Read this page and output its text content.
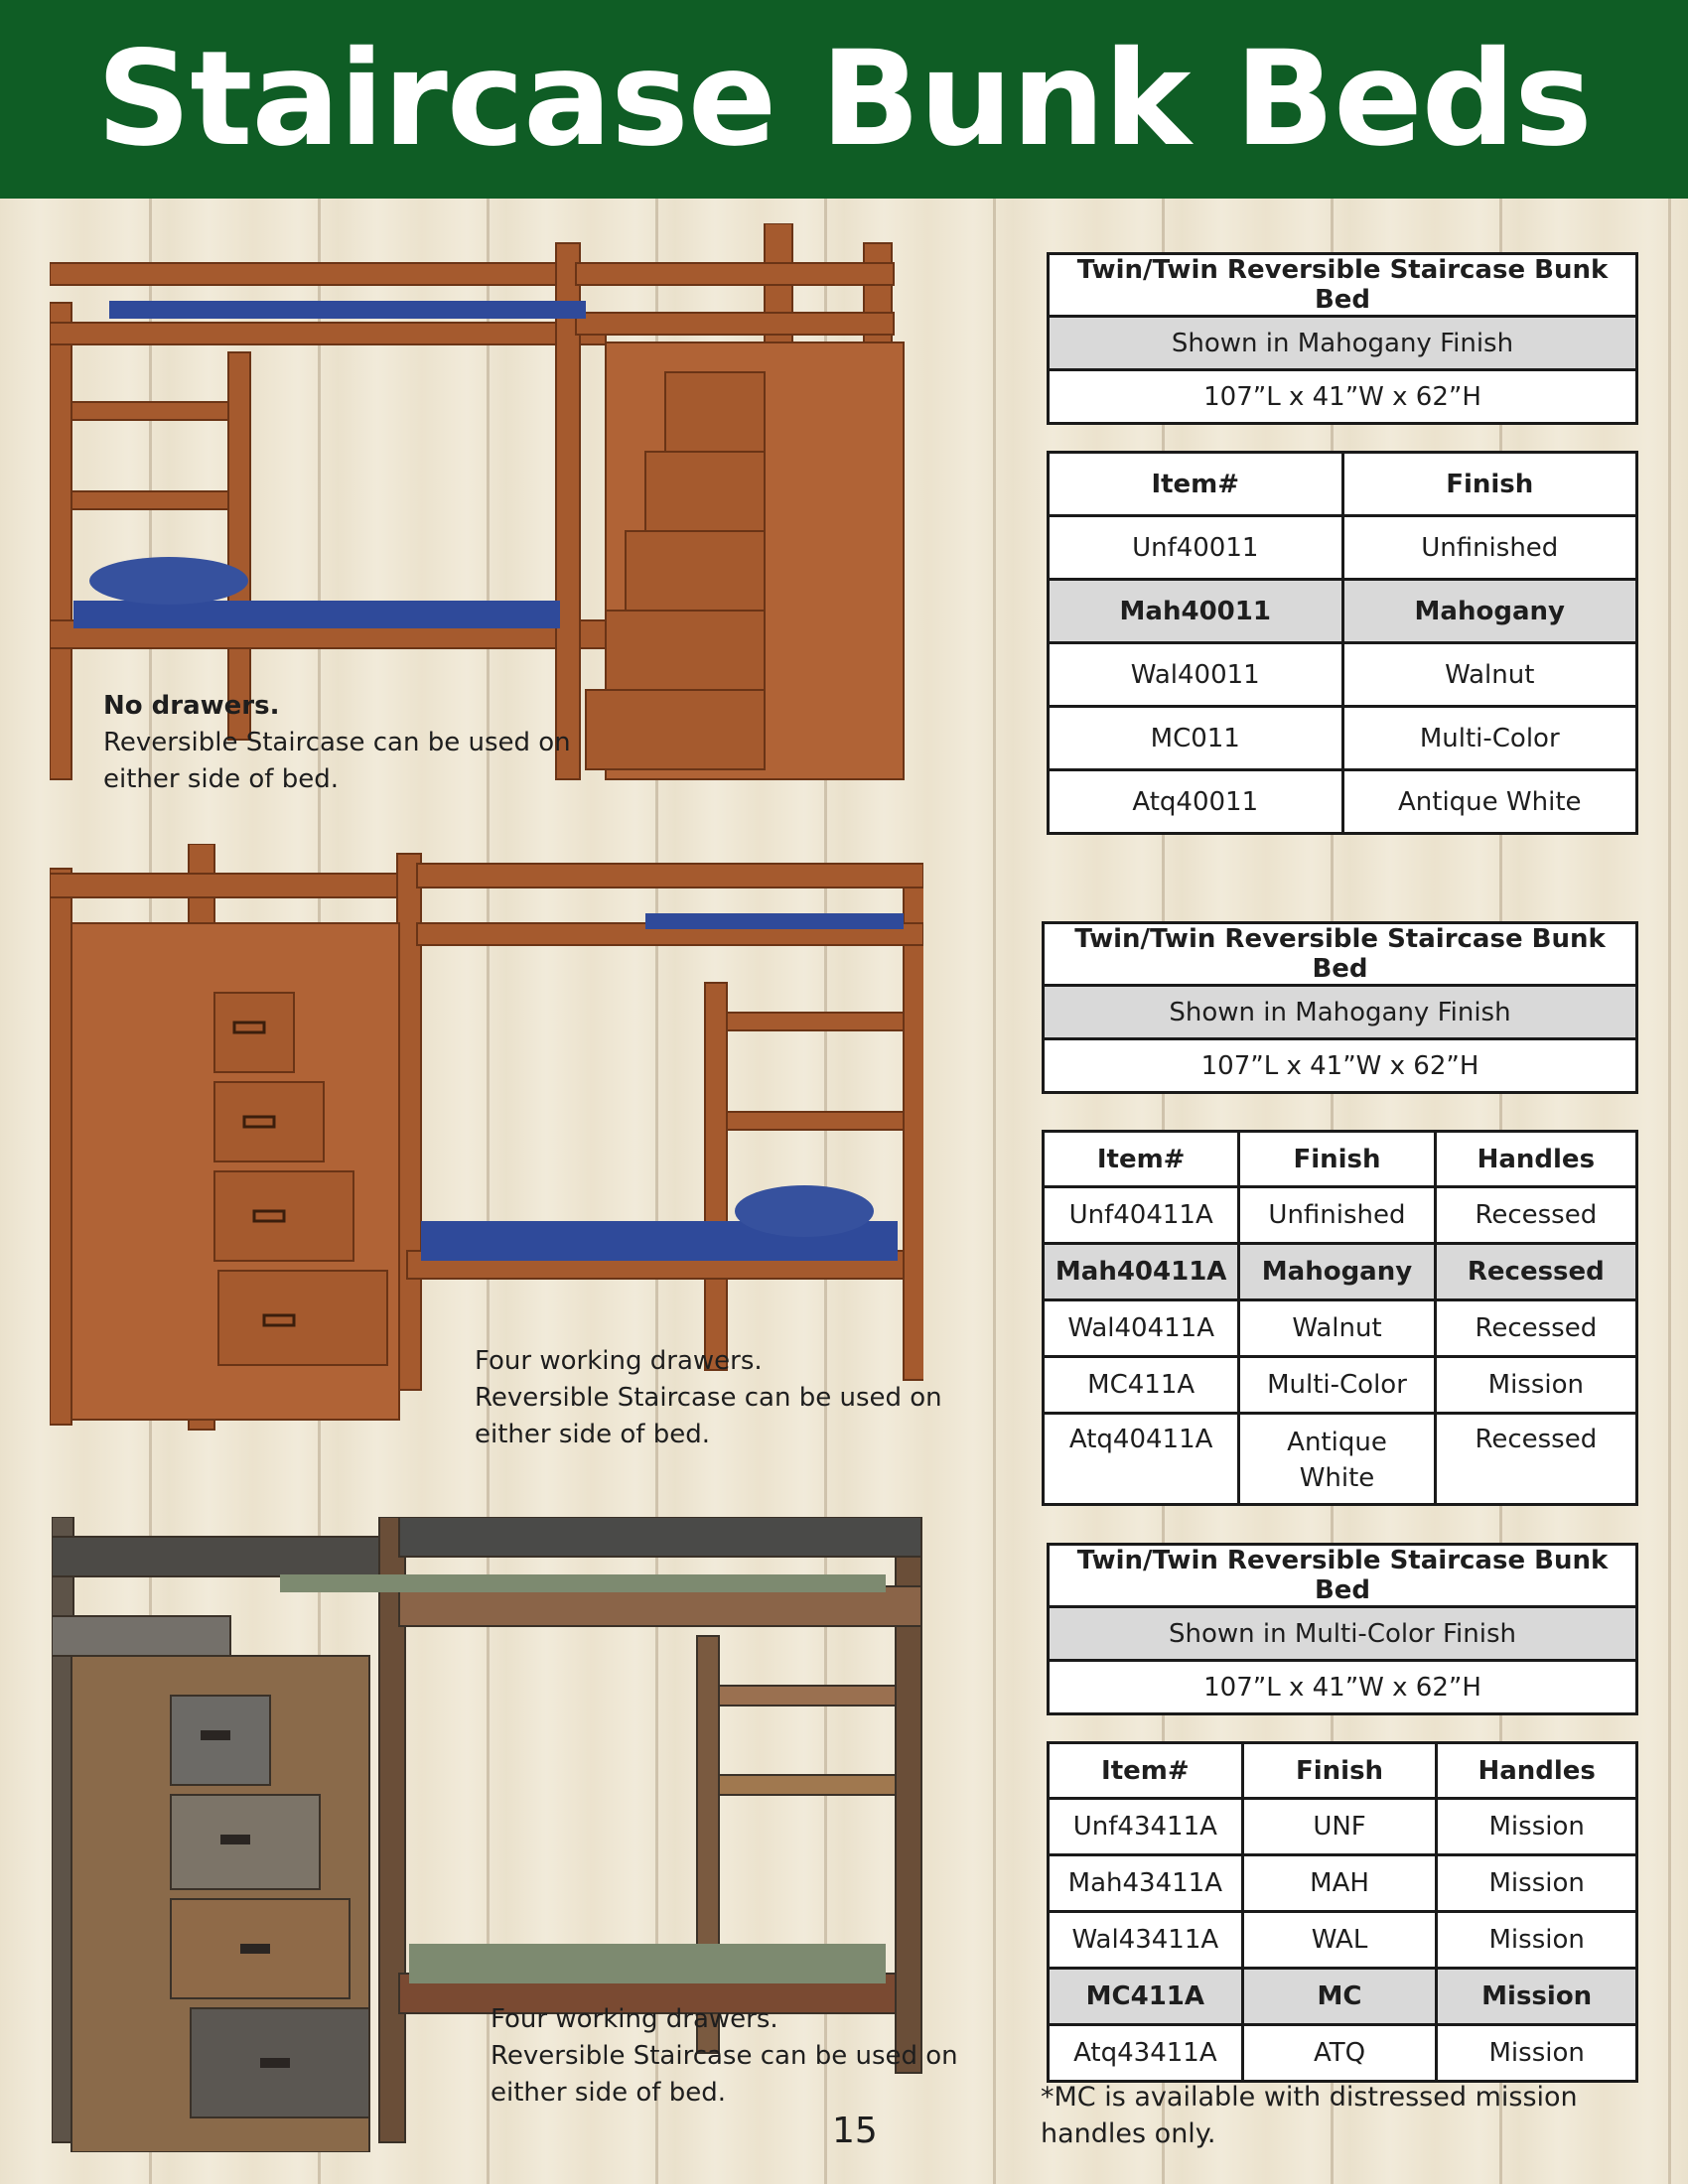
Staircase Bunk Beds
No drawers.
Reversible Staircase can be used on
either side of bed.
Twin/Twin Reversible Staircase Bunk Bed
Shown in Mahogany Finish
107”L x 41”W x 62”H
Item#	Finish
Unf40011	Unfinished
Mah40011	Mahogany
Wal40011	Walnut
MC011	Multi-Color
Atq40011	Antique White
Four working drawers.
Reversible Staircase can be used on
either side of bed.
Twin/Twin Reversible Staircase Bunk Bed
Shown in Mahogany Finish
107”L x 41”W x 62”H
Item#	Finish	Handles
Unf40411A	Unfinished	Recessed
Mah40411A	Mahogany	Recessed
Wal40411A	Walnut	Recessed
MC411A	Multi-Color	Mission
Atq40411A	Antique White	Recessed
Four working drawers.
Reversible Staircase can be used on
either side of bed.
Twin/Twin Reversible Staircase Bunk Bed
Shown in Multi-Color Finish
107”L x 41”W x 62”H
Item#	Finish	Handles
Unf43411A	UNF	Mission
Mah43411A	MAH	Mission
Wal43411A	WAL	Mission
MC411A	MC	Mission
Atq43411A	ATQ	Mission
*MC is available with distressed mission handles only.
15
